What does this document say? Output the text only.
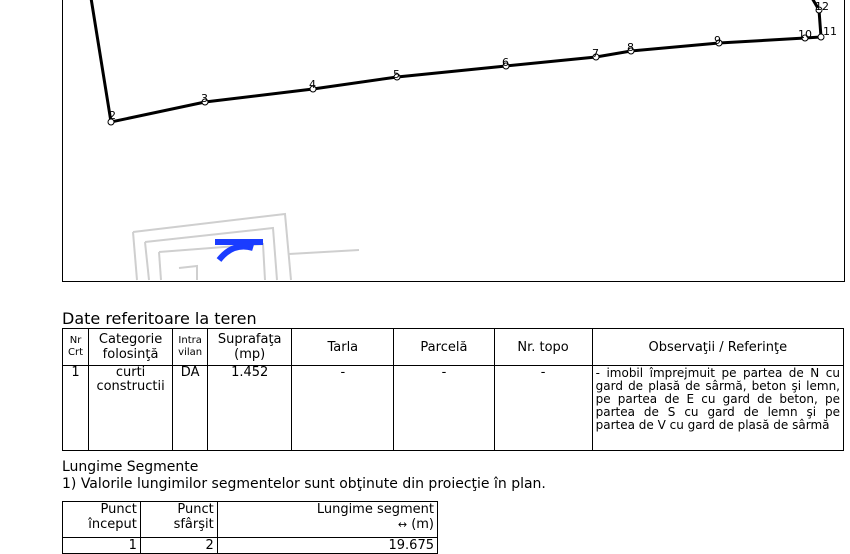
2
3
4
5
6
7	8
9	10 11
12
Date referitoare la teren
Nr Crt	Categorie folosinţă	Intra vilan	Suprafaţa (mp)	Tarla	Parcelă	Nr. topo	Observaţii / Referinţe
1	curti constructii	DA	1.452	-	-	-	- imobil împrejmuit pe partea de N cu gard de plasă de sârmă, beton şi lemn, pe partea de E cu gard de beton, pe partea de S cu gard de lemn şi pe partea de V cu gard de plasă de sârmă
Lungime Segmente
1) Valorile lungimilor segmentelor sunt obţinute din proiecţie în plan.
Punct început	Punct sfârşit	Lungime segment
↔ (m)

1	2	19.675
